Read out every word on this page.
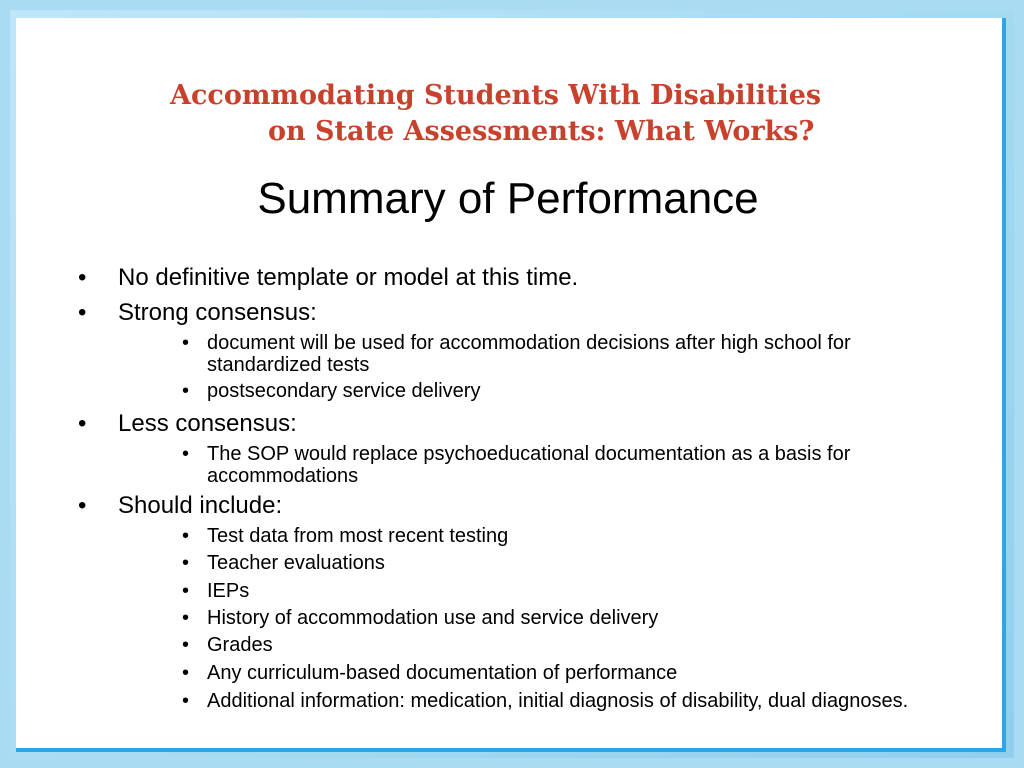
Accommodating Students With Disabilities
on State Assessments: What Works?
Summary of Performance
• No definitive template or model at this time.
• Strong consensus:
• Less consensus:
• Should include:
• document will be used for accommodation decisions after high school for standardized tests
• postsecondary service delivery
• The SOP would replace psychoeducational documentation as a basis for accommodations
• Test data from most recent testing
• Teacher evaluations
• IEPs
• History of accommodation use and service delivery
• Grades
• Any curriculum-based documentation of performance
• Additional information: medication, initial diagnosis of disability, dual diagnoses.
